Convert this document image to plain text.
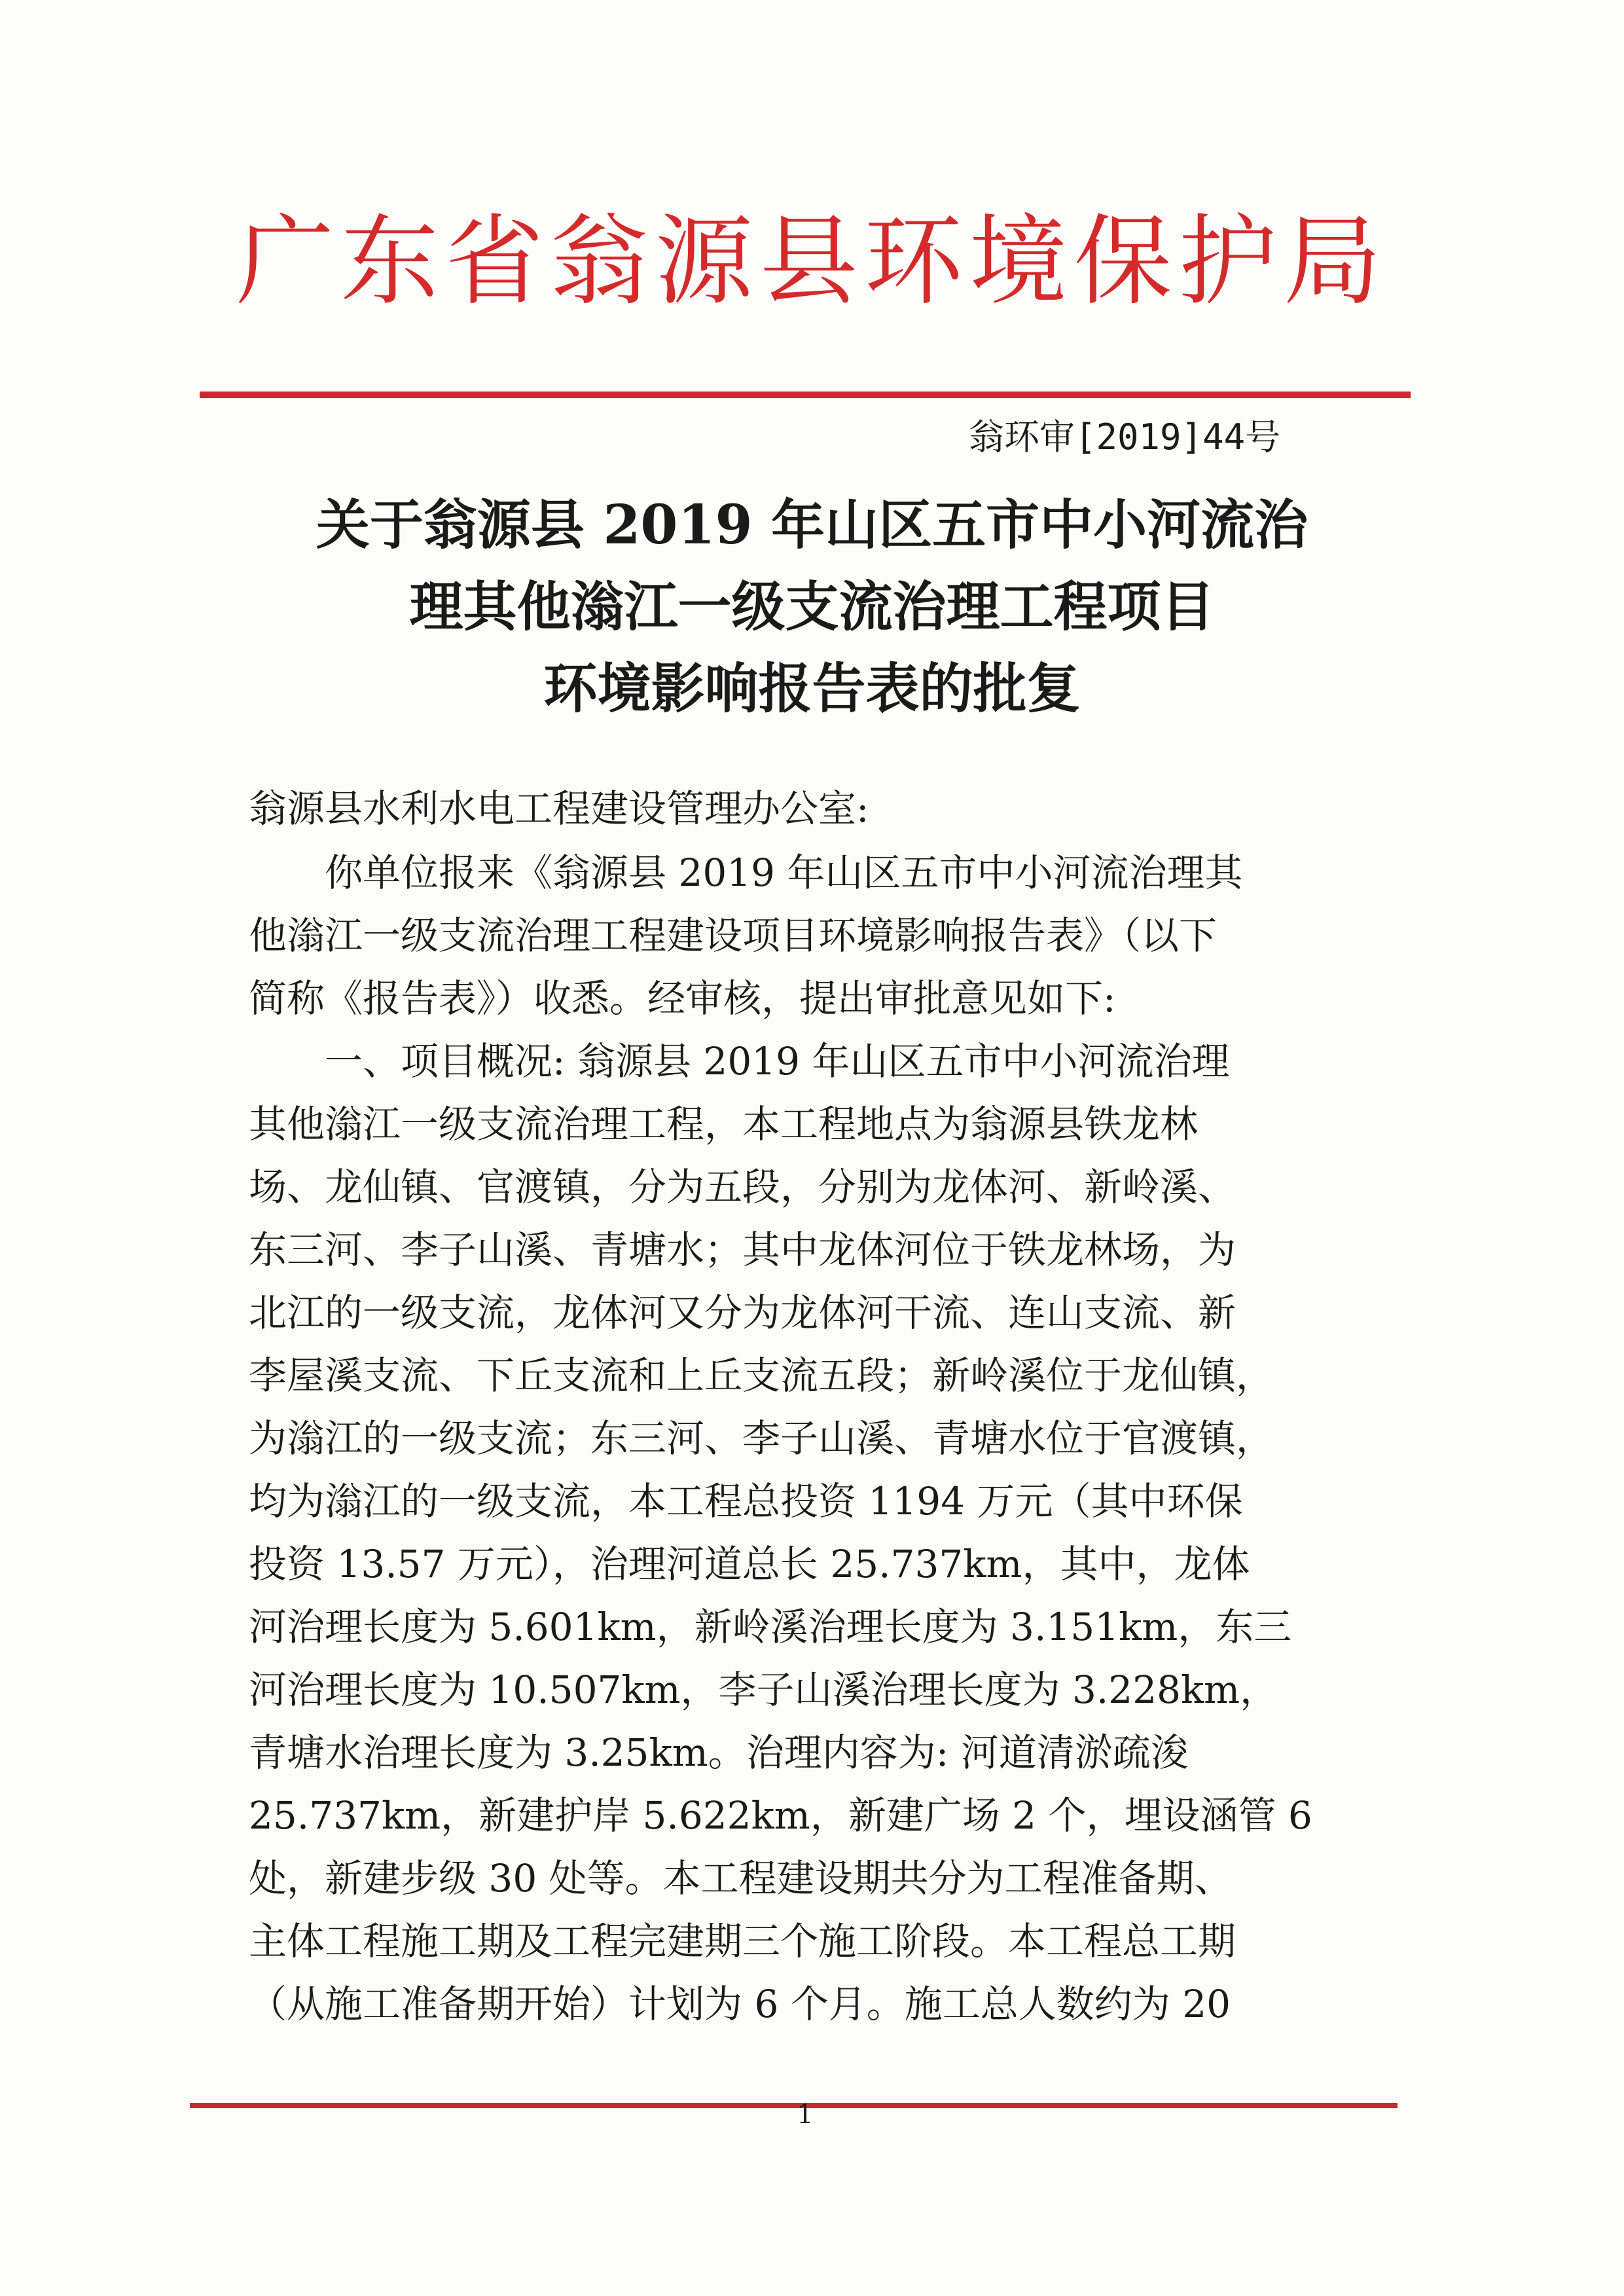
广东省翁源县环境保护局
翁环审[2019]44号
关于翁源县 2019 年山区五市中小河流治
理其他滃江一级支流治理工程项目
环境影响报告表的批复
翁源县水利水电工程建设管理办公室:
　　你单位报来《翁源县 2019 年山区五市中小河流治理其
他滃江一级支流治理工程建设项目环境影响报告表》（以下
简称《报告表》）收悉。经审核，提出审批意见如下:
　　一、项目概况: 翁源县 2019 年山区五市中小河流治理
其他滃江一级支流治理工程，本工程地点为翁源县铁龙林
场、龙仙镇、官渡镇，分为五段，分别为龙体河、新岭溪、
东三河、李子山溪、青塘水；其中龙体河位于铁龙林场，为
北江的一级支流，龙体河又分为龙体河干流、连山支流、新
李屋溪支流、下丘支流和上丘支流五段；新岭溪位于龙仙镇，
为滃江的一级支流；东三河、李子山溪、青塘水位于官渡镇，
均为滃江的一级支流，本工程总投资 1194 万元（其中环保
投资 13.57 万元），治理河道总长 25.737km，其中，龙体
河治理长度为 5.601km，新岭溪治理长度为 3.151km，东三
河治理长度为 10.507km，李子山溪治理长度为 3.228km，
青塘水治理长度为 3.25km。治理内容为: 河道清淤疏浚
25.737km，新建护岸 5.622km，新建广场 2 个，埋设涵管 6
处，新建步级 30 处等。本工程建设期共分为工程准备期、
主体工程施工期及工程完建期三个施工阶段。本工程总工期
（从施工准备期开始）计划为 6 个月。施工总人数约为 20
1
